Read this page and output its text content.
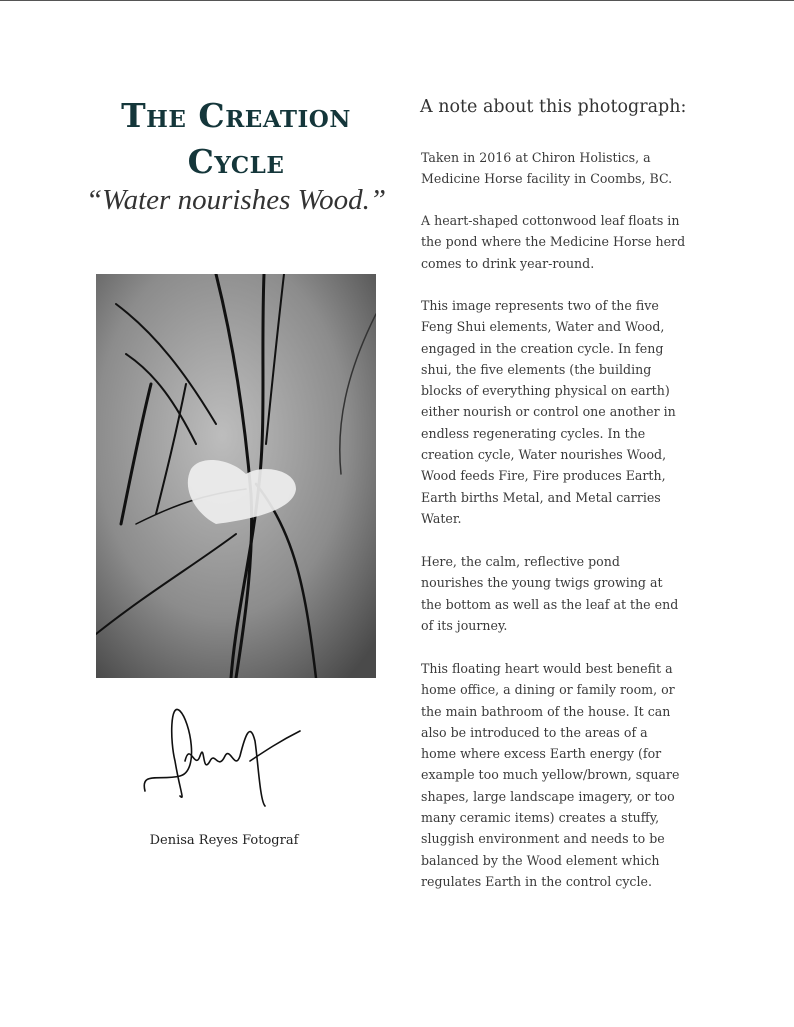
The Creation
Cycle
“Water nourishes Wood.”
Denisa Reyes Fotograf
A note about this photograph:
Taken in 2016 at Chiron Holistics, a
Medicine Horse facility in Coombs, BC.
A heart-shaped cottonwood leaf floats in
the pond where the Medicine Horse herd
comes to drink year-round.
This image represents two of the five
Feng Shui elements, Water and Wood,
engaged in the creation cycle. In feng
shui, the five elements (the building
blocks of everything physical on earth)
either nourish or control one another in
endless regenerating cycles. In the
creation cycle, Water nourishes Wood,
Wood feeds Fire, Fire produces Earth,
Earth births Metal, and Metal carries
Water.
Here, the calm, reflective pond
nourishes the young twigs growing at
the bottom as well as the leaf at the end
of its journey.
This floating heart would best benefit a
home office, a dining or family room, or
the main bathroom of the house. It can
also be introduced to the areas of a
home where excess Earth energy (for
example too much yellow/brown, square
shapes, large landscape imagery, or too
many ceramic items) creates a stuffy,
sluggish environment and needs to be
balanced by the Wood element which
regulates Earth in the control cycle.
